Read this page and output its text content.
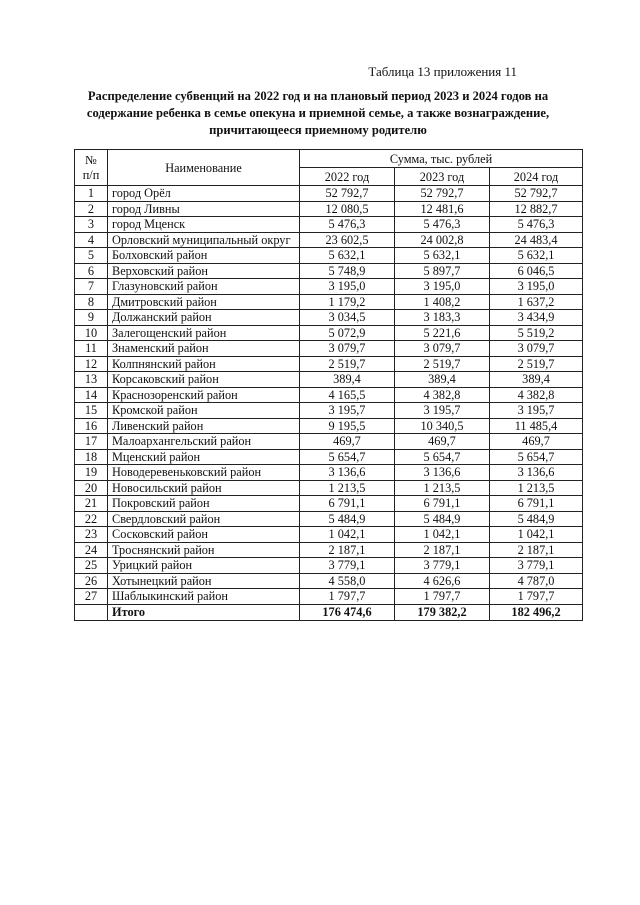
Таблица 13 приложения 11
Распределение субвенций на 2022 год и на плановый период 2023 и 2024 годов на
содержание ребенка в семье опекуна и приемной семье, а также вознаграждение,
причитающееся приемному родителю
№
п/п	Наименование	Сумма, тыс. рублей		
		2022 год	2023 год	2024 год
1	город Орёл	52 792,7	52 792,7	52 792,7
2	город Ливны	12 080,5	12 481,6	12 882,7
3	город Мценск	5 476,3	5 476,3	5 476,3
4	Орловский муниципальный округ	23 602,5	24 002,8	24 483,4
5	Болховский район	5 632,1	5 632,1	5 632,1
6	Верховский район	5 748,9	5 897,7	6 046,5
7	Глазуновский район	3 195,0	3 195,0	3 195,0
8	Дмитровский район	1 179,2	1 408,2	1 637,2
9	Должанский район	3 034,5	3 183,3	3 434,9
10	Залегощенский район	5 072,9	5 221,6	5 519,2
11	Знаменский район	3 079,7	3 079,7	3 079,7
12	Колпнянский район	2 519,7	2 519,7	2 519,7
13	Корсаковский район	389,4	389,4	389,4
14	Краснозоренский район	4 165,5	4 382,8	4 382,8
15	Кромской район	3 195,7	3 195,7	3 195,7
16	Ливенский район	9 195,5	10 340,5	11 485,4
17	Малоархангельский район	469,7	469,7	469,7
18	Мценский район	5 654,7	5 654,7	5 654,7
19	Новодеревеньковский район	3 136,6	3 136,6	3 136,6
20	Новосильский район	1 213,5	1 213,5	1 213,5
21	Покровский район	6 791,1	6 791,1	6 791,1
22	Свердловский район	5 484,9	5 484,9	5 484,9
23	Сосковский район	1 042,1	1 042,1	1 042,1
24	Троснянский район	2 187,1	2 187,1	2 187,1
25	Урицкий район	3 779,1	3 779,1	3 779,1
26	Хотынецкий район	4 558,0	4 626,6	4 787,0
27	Шаблыкинский район	1 797,7	1 797,7	1 797,7
	Итого	176 474,6	179 382,2	182 496,2
